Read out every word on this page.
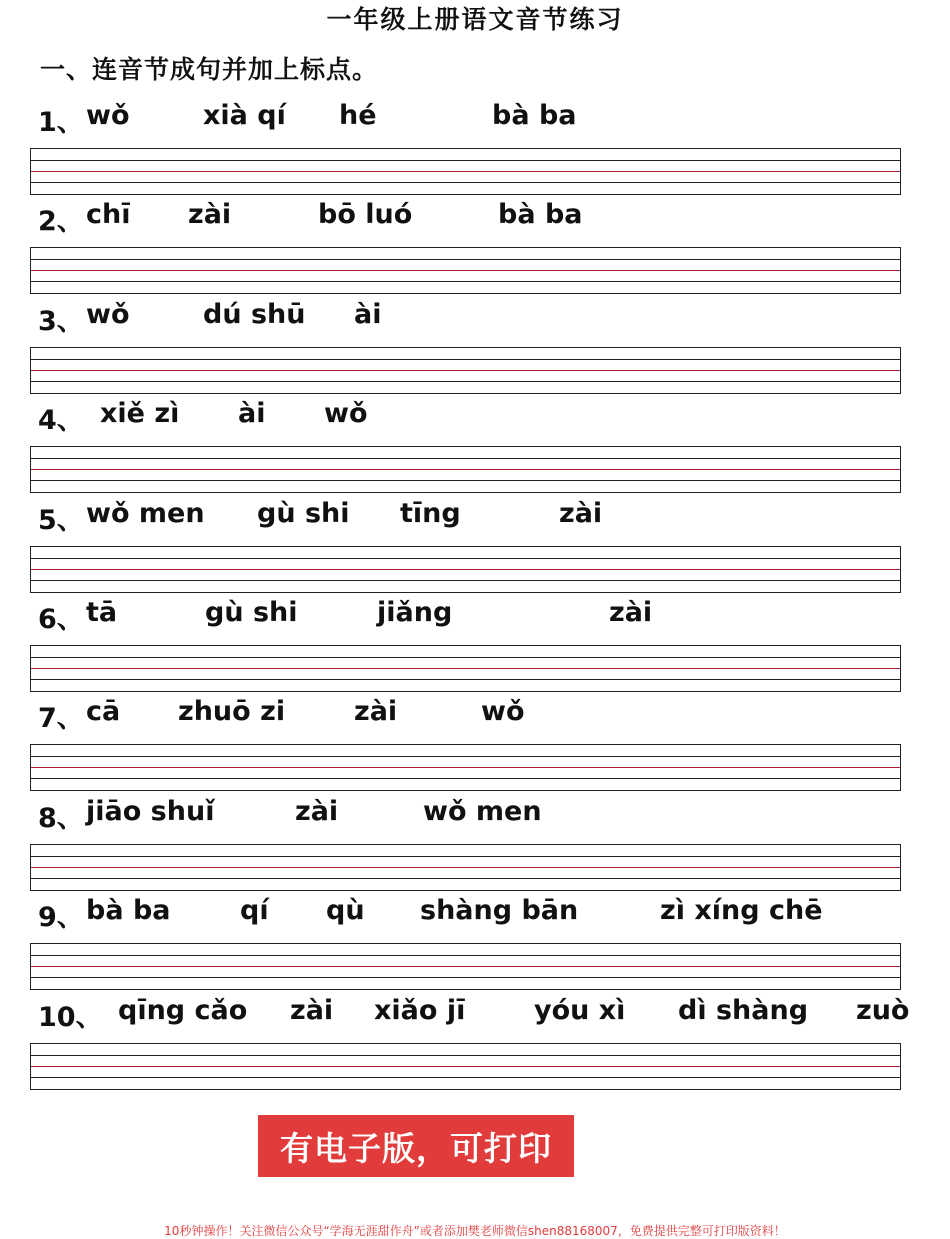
一年级上册语文音节练习
一、连音节成句并加上标点。
1、 wǒ	xià qí hé	bà ba
2、 chī zài	bō luó	bà ba
3、 wǒ	dú shū ài
4、 xiě zì ài wǒ
5、 wǒ men gù shi tīng	zài
6、 tā	gù shi	jiǎng	zài
7、 cā zhuō zi	zài	wǒ
8、 jiāo shuǐ	zài	wǒ men
9、 bà ba	qí qù shàng bān	zì xíng chē
10、 qīng cǎo zài xiǎo jī	yóu xì dì shàng zuò
有电子版，可打印
10秒钟操作！关注微信公众号“学海无涯甜作舟”或者添加樊老师微信shen88168007，免费提供完整可打印版资料！
